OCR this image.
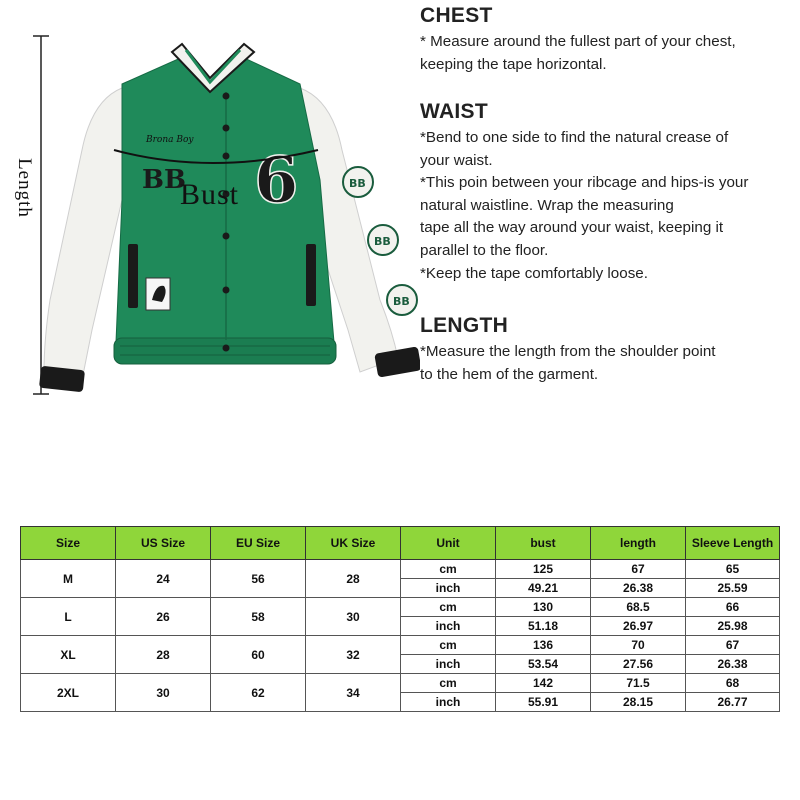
Brona Boy
BB 6	BB
BB
BB
Length	Bust
CHEST

* Measure around the fullest part of your chest,

keeping the tape horizontal.

WAIST

*Bend to one side to find the natural crease of

your waist.

*This poin between your ribcage and hips-is your

natural waistline. Wrap the measuring

tape all the way around your waist, keeping it

parallel to the floor.

*Keep the tape comfortably loose.

LENGTH

*Measure the length from the shoulder point

to the hem of the garment.

Size	US Size	EU Size	UK Size	Unit	bust	length	Sleeve Length
M	24	56	28	cm	125	67	65
				inch	49.21	26.38	25.59
L	26	58	30	cm	130	68.5	66
				inch	51.18	26.97	25.98
XL	28	60	32	cm	136	70	67
				inch	53.54	27.56	26.38
2XL	30	62	34	cm	142	71.5	68
				inch	55.91	28.15	26.77
